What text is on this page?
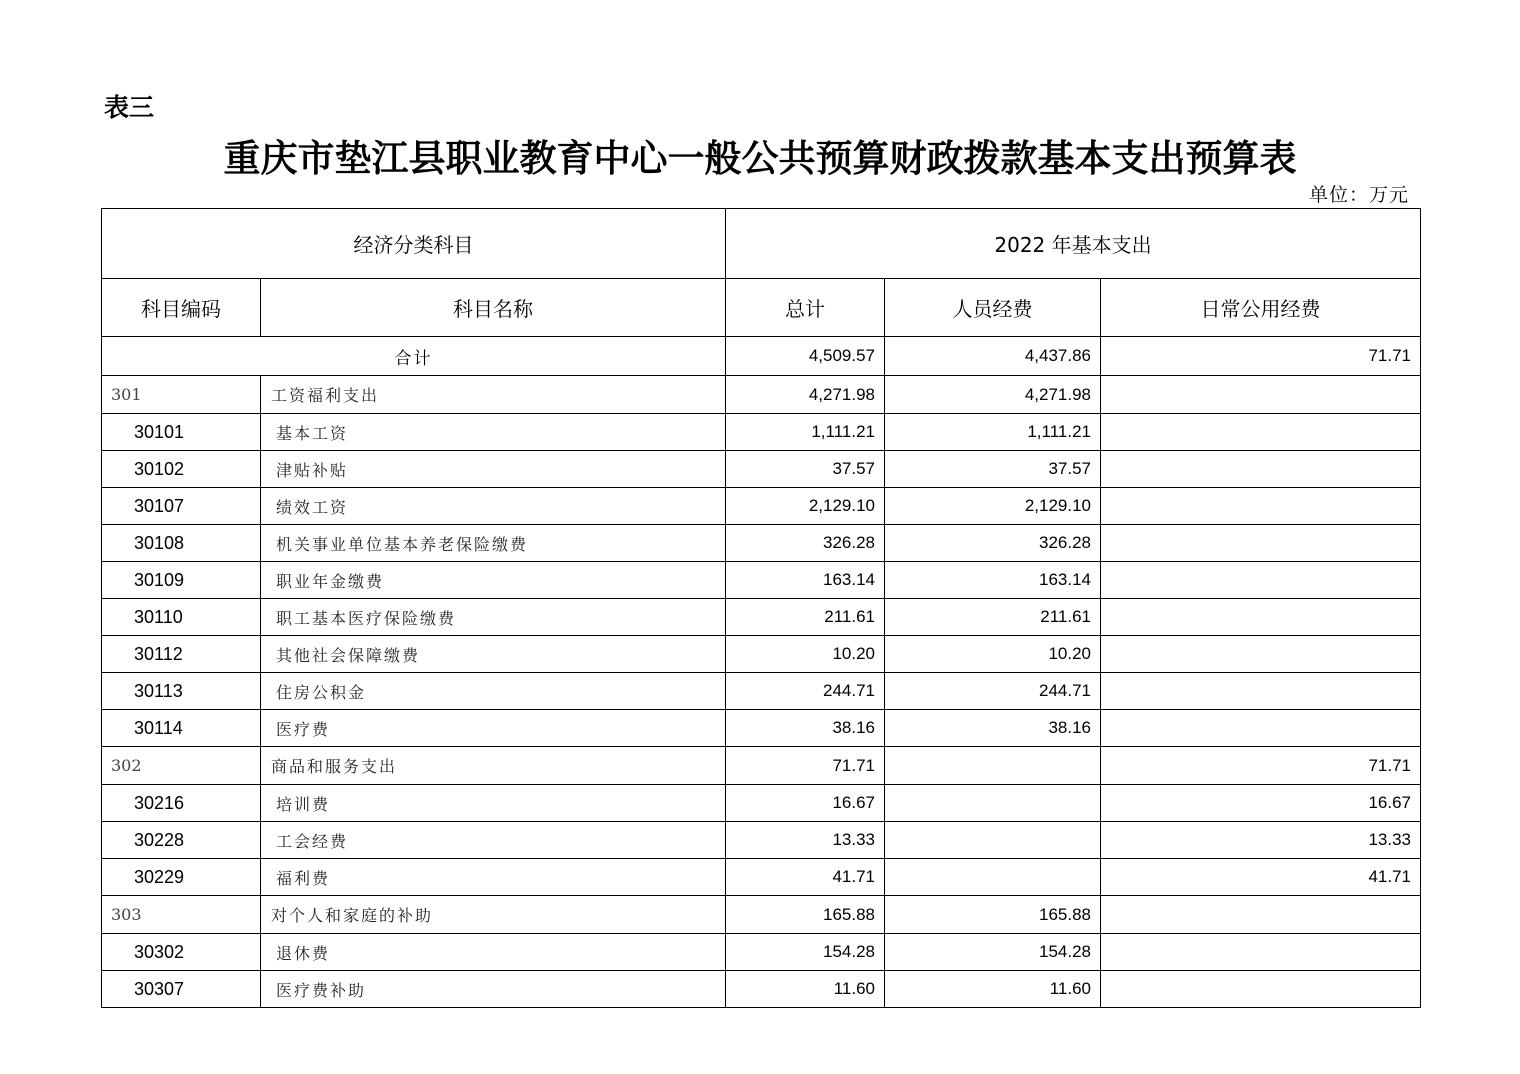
表三
重庆市垫江县职业教育中心一般公共预算财政拨款基本支出预算表
单位：万元
经济分类科目		2022 年基本支出		
科目编码	科目名称	总计	人员经费	日常公用经费
合计		4,509.57	4,437.86	71.71
301	工资福利支出	4,271.98	4,271.98	
30101	基本工资	1,111.21	1,111.21	
30102	津贴补贴	37.57	37.57	
30107	绩效工资	2,129.10	2,129.10	
30108	机关事业单位基本养老保险缴费	326.28	326.28	
30109	职业年金缴费	163.14	163.14	
30110	职工基本医疗保险缴费	211.61	211.61	
30112	其他社会保障缴费	10.20	10.20	
30113	住房公积金	244.71	244.71	
30114	医疗费	38.16	38.16	
302	商品和服务支出	71.71		71.71
30216	培训费	16.67		16.67
30228	工会经费	13.33		13.33
30229	福利费	41.71		41.71
303	对个人和家庭的补助	165.88	165.88	
30302	退休费	154.28	154.28	
30307	医疗费补助	11.60	11.60	
